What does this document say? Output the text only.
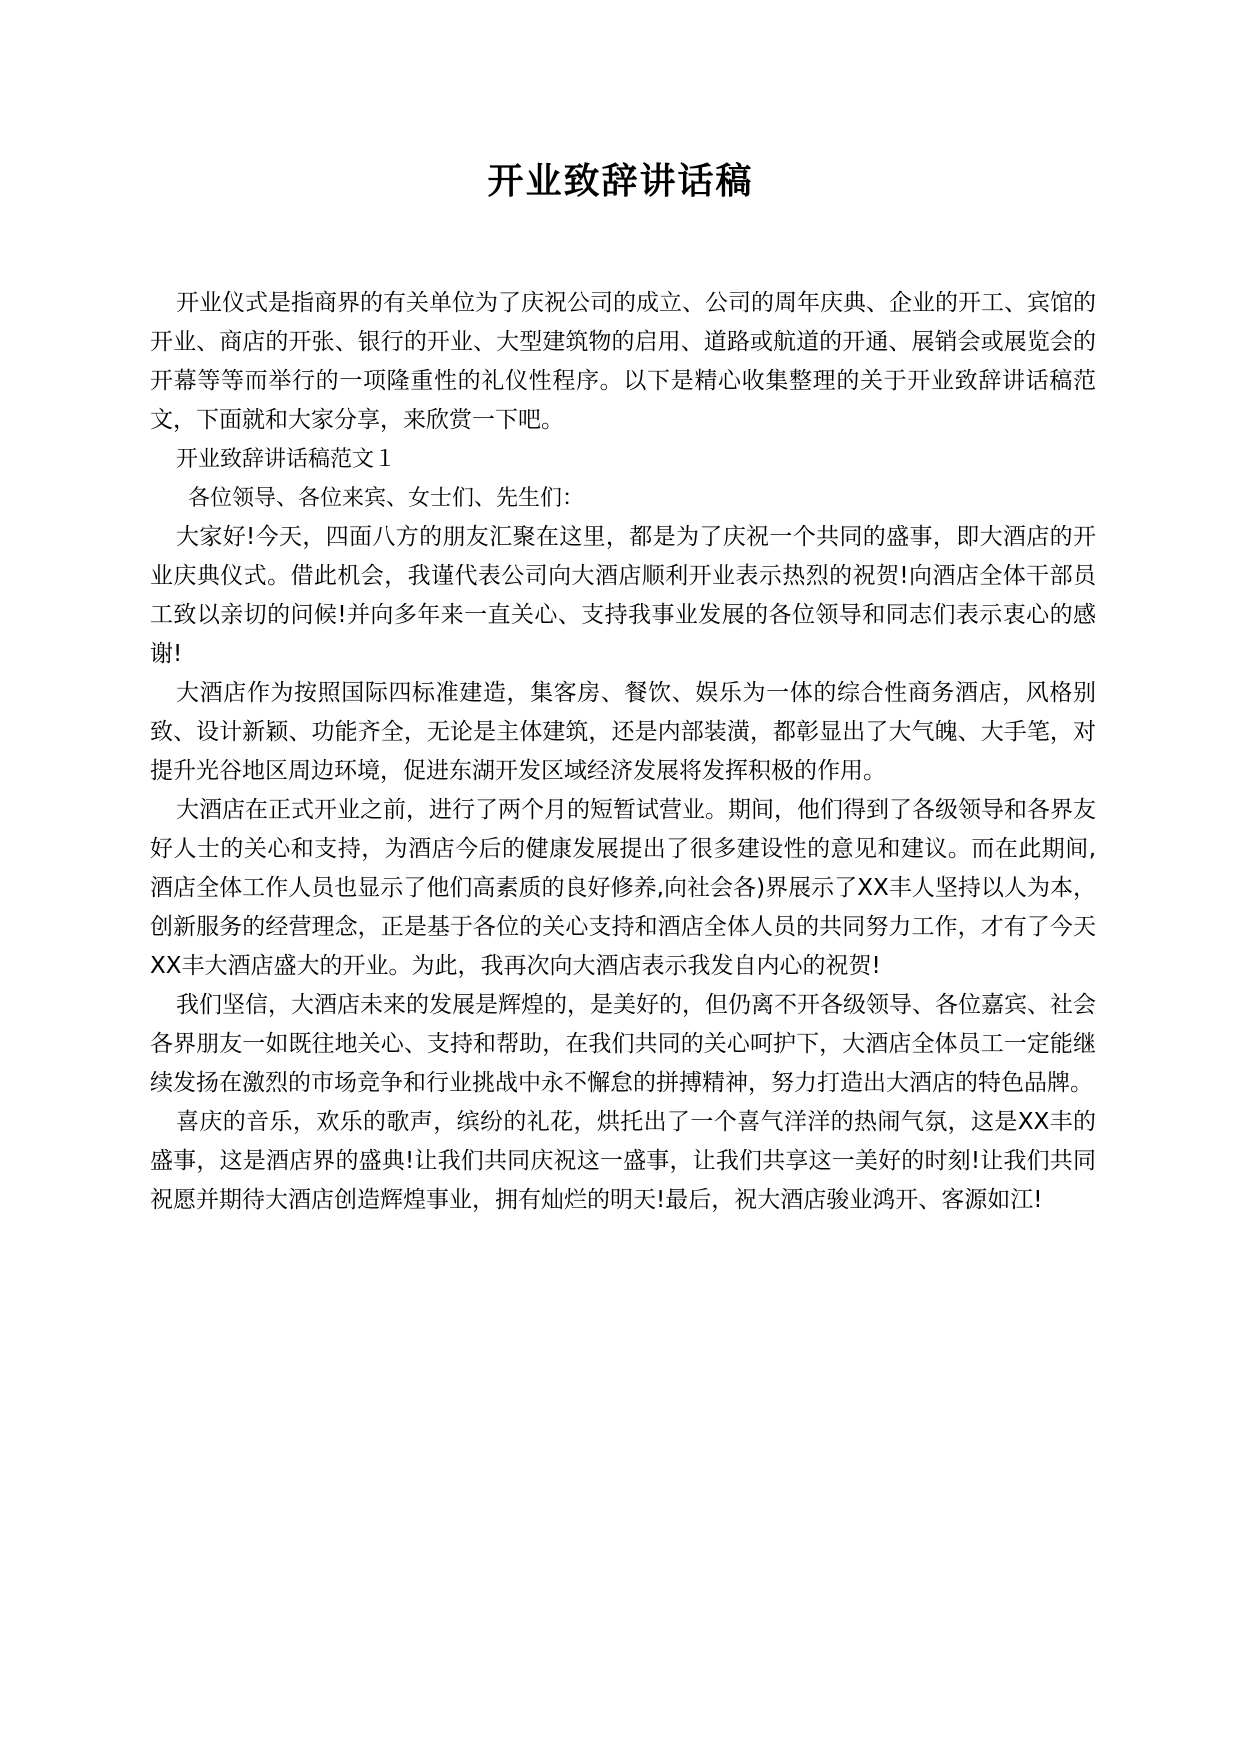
开业致辞讲话稿

开业仪式是指商界的有关单位为了庆祝公司的成立、公司的周年庆典、企业的开工、宾馆的开业、商店的开张、银行的开业、大型建筑物的启用、道路或航道的开通、展销会或展览会的开幕等等而举行的一项隆重性的礼仪性程序。以下是精心收集整理的关于开业致辞讲话稿范文，下面就和大家分享，来欣赏一下吧。

开业致辞讲话稿范文１

各位领导、各位来宾、女士们、先生们：

大家好!今天，四面八方的朋友汇聚在这里，都是为了庆祝一个共同的盛事，即大酒店的开业庆典仪式。借此机会，我谨代表公司向大酒店顺利开业表示热烈的祝贺!向酒店全体干部员工致以亲切的问候!并向多年来一直关心、支持我事业发展的各位领导和同志们表示衷心的感谢!

大酒店作为按照国际四标准建造，集客房、餐饮、娱乐为一体的综合性商务酒店，风格别致、设计新颖、功能齐全，无论是主体建筑，还是内部装潢，都彰显出了大气魄、大手笔，对提升光谷地区周边环境，促进东湖开发区域经济发展将发挥积极的作用。

大酒店在正式开业之前，进行了两个月的短暂试营业。期间，他们得到了各级领导和各界友好人士的关心和支持，为酒店今后的健康发展提出了很多建设性的意见和建议。而在此期间,酒店全体工作人员也显示了他们高素质的良好修养,向社会各)界展示了XX丰人坚持以人为本，创新服务的经营理念，正是基于各位的关心支持和酒店全体人员的共同努力工作，才有了今天XX丰大酒店盛大的开业。为此，我再次向大酒店表示我发自内心的祝贺!

我们坚信，大酒店未来的发展是辉煌的，是美好的，但仍离不开各级领导、各位嘉宾、社会各界朋友一如既往地关心、支持和帮助，在我们共同的关心呵护下，大酒店全体员工一定能继续发扬在激烈的市场竞争和行业挑战中永不懈怠的拼搏精神，努力打造出大酒店的特色品牌。

喜庆的音乐，欢乐的歌声，缤纷的礼花，烘托出了一个喜气洋洋的热闹气氛，这是XX丰的盛事，这是酒店界的盛典!让我们共同庆祝这一盛事，让我们共享这一美好的时刻!让我们共同祝愿并期待大酒店创造辉煌事业，拥有灿烂的明天!最后，祝大酒店骏业鸿开、客源如江!
